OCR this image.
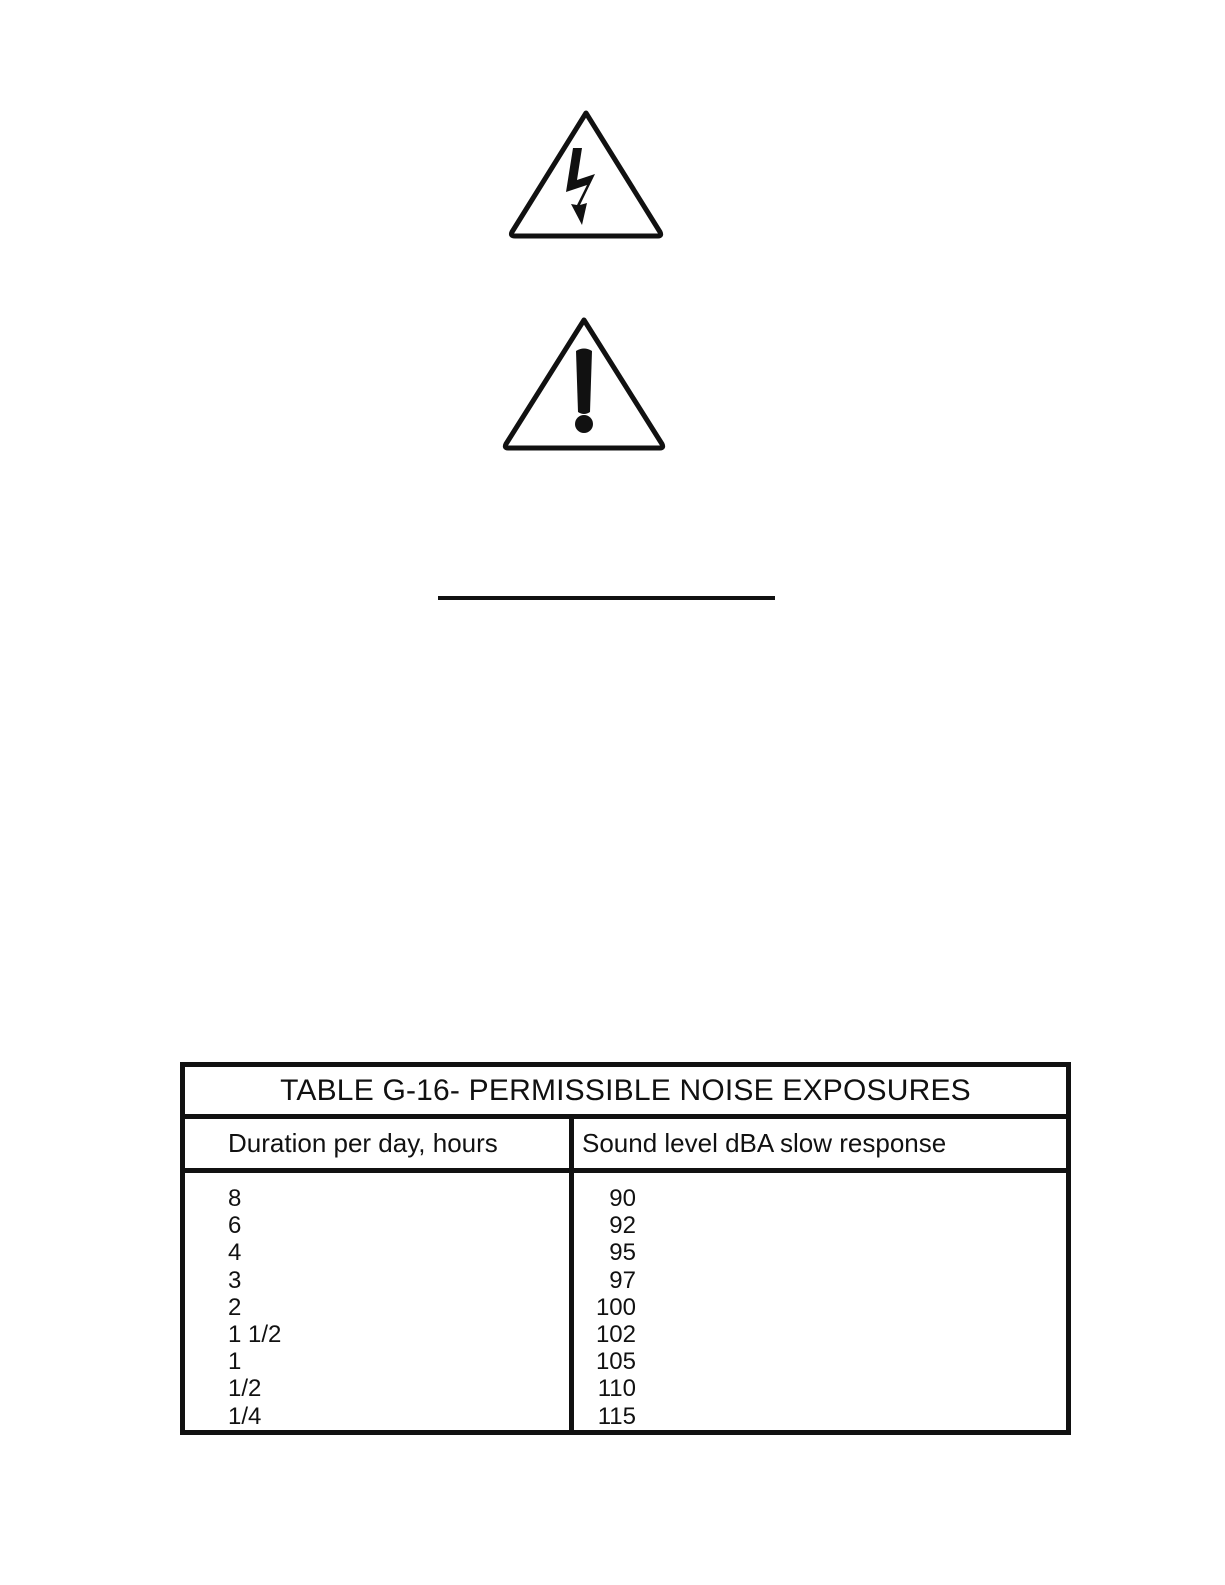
TABLE G-16- PERMISSIBLE NOISE EXPOSURES
Duration per day, hours	Sound level dBA slow response
8
6
4
3
2
1 1/2
1
1/2
1/4
90
92
95
97
100
102
105
110
115
